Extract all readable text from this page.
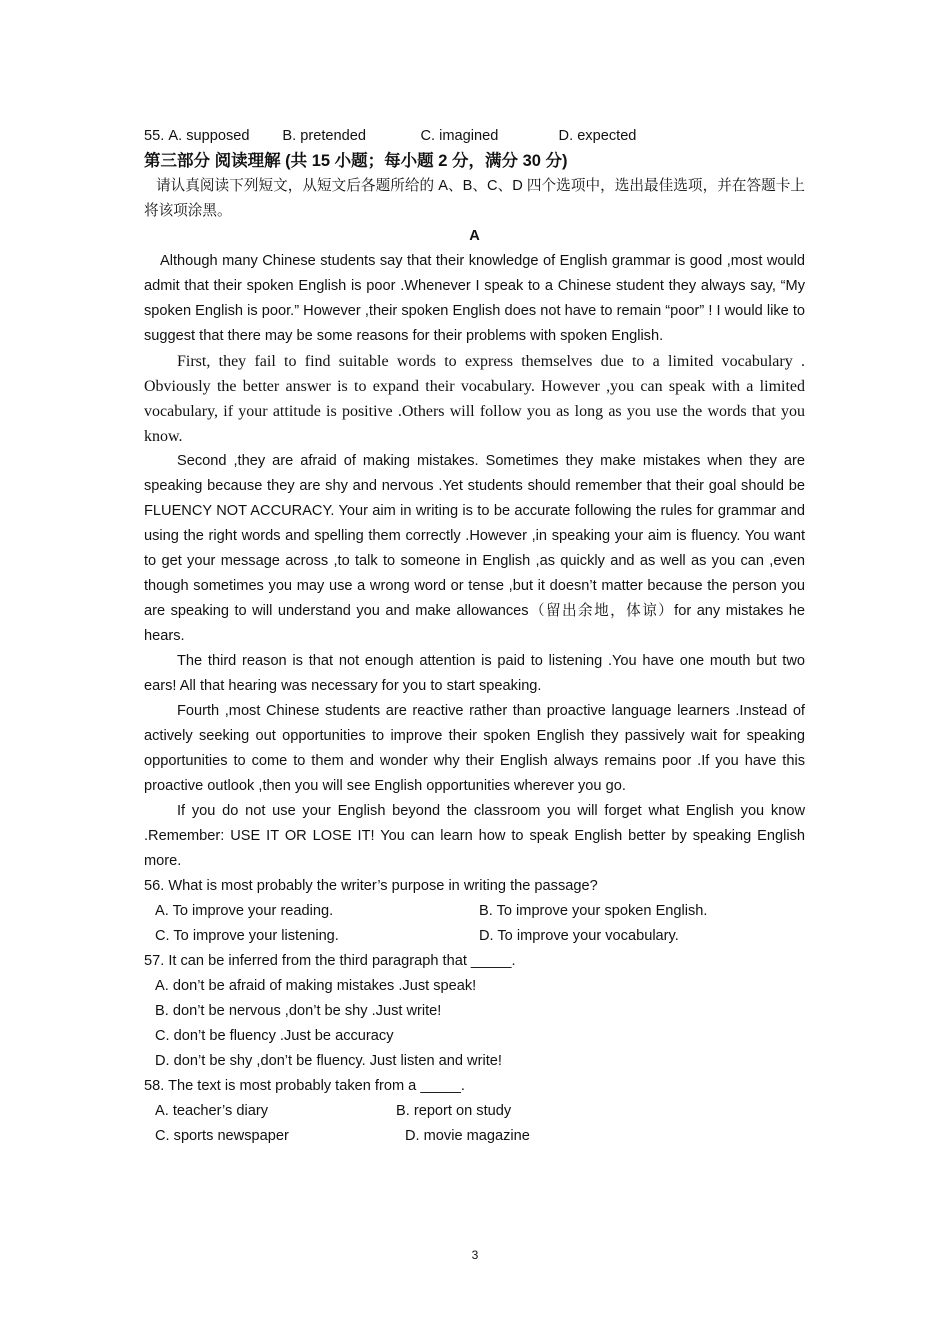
55. A. supposed B. pretended	C. imagined	D. expected
第三部分 阅读理解 (共 15 小题；每小题 2 分，满分 30 分)

请认真阅读下列短文，从短文后各题所给的 A、B、C、D 四个选项中，选出最佳选项，并在答题卡上将该项涂黑。

A

Although many Chinese students say that their knowledge of English grammar is good ,most would admit that their spoken English is poor .Whenever I speak to a Chinese student they always say, “My spoken English is poor.” However ,their spoken English does not have to remain “poor” ! I would like to suggest that there may be some reasons for their problems with spoken English.

First, they fail to find suitable words to express themselves due to a limited vocabulary . Obviously the better answer is to expand their vocabulary. However ,you can speak with a limited vocabulary, if your attitude is positive .Others will follow you as long as you use the words that you know.

Second ,they are afraid of making mistakes. Sometimes they make mistakes when they are speaking because they are shy and nervous .Yet students should remember that their goal should be FLUENCY NOT ACCURACY. Your aim in writing is to be accurate following the rules for grammar and using the right words and spelling them correctly .However ,in speaking your aim is fluency. You want to get your message across ,to talk to someone in English ,as quickly and as well as you can ,even though sometimes you may use a wrong word or tense ,but it doesn’t matter because the person you are speaking to will understand you and make allowances（留出余地，体谅）for any mistakes he hears.

The third reason is that not enough attention is paid to listening .You have one mouth but two ears! All that hearing was necessary for you to start speaking.

Fourth ,most Chinese students are reactive rather than proactive language learners .Instead of actively seeking out opportunities to improve their spoken English they passively wait for speaking opportunities to come to them and wonder why their English always remains poor .If you have this proactive outlook ,then you will see English opportunities wherever you go.

If you do not use your English beyond the classroom you will forget what English you know .Remember: USE IT OR LOSE IT! You can learn how to speak English better by speaking English more.

56. What is most probably the writer’s purpose in writing the passage?
A. To improve your reading.	B. To improve your spoken English.
C. To improve your listening.	D. To improve your vocabulary.
57. It can be inferred from the third paragraph that _____.
A. don’t be afraid of making mistakes .Just speak!
B. don’t be nervous ,don’t be shy .Just write!
C. don’t be fluency .Just be accuracy
D. don’t be shy ,don’t be fluency. Just listen and write!
58. The text is most probably taken from a _____.
A. teacher’s diary	B. report on study
C. sports newspaper	D. movie magazine
3
